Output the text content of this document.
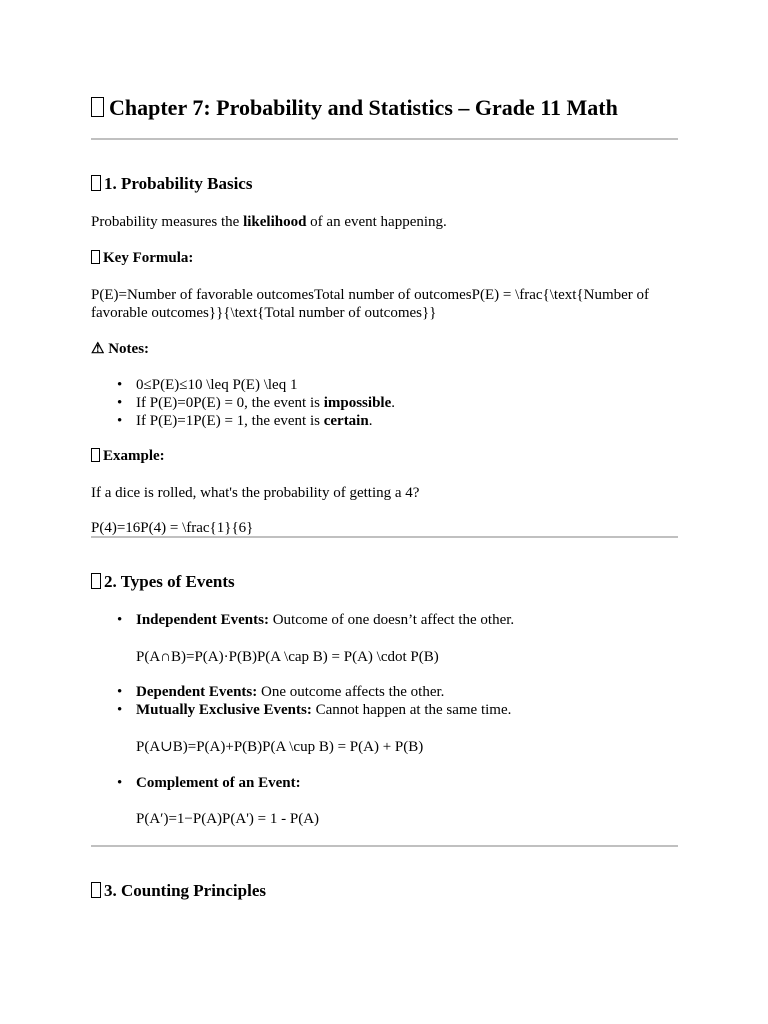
Chapter 7: Probability and Statistics – Grade 11 Math
1. Probability Basics

Probability measures the likelihood of an event happening.

Key Formula:

P(E)=Number of favorable outcomesTotal number of outcomesP(E) = \frac{\text{Number of favorable outcomes}}{\text{Total number of outcomes}}

⚠ Notes:

• 0≤P(E)≤10 \leq P(E) \leq 1
• If P(E)=0P(E) = 0, the event is impossible.
• If P(E)=1P(E) = 1, the event is certain.

Example:

If a dice is rolled, what's the probability of getting a 4?

P(4)=16P(4) = \frac{1}{6}

2. Types of Events
• Independent Events: Outcome of one doesn’t affect the other.

P(A∩B)=P(A)·P(B)P(A \cap B) = P(A) \cdot P(B)

• Dependent Events: One outcome affects the other.
• Mutually Exclusive Events: Cannot happen at the same time.

P(A∪B)=P(A)+P(B)P(A \cup B) = P(A) + P(B)

• Complement of an Event:

P(A′)=1−P(A)P(A') = 1 - P(A)

3. Counting Principles
